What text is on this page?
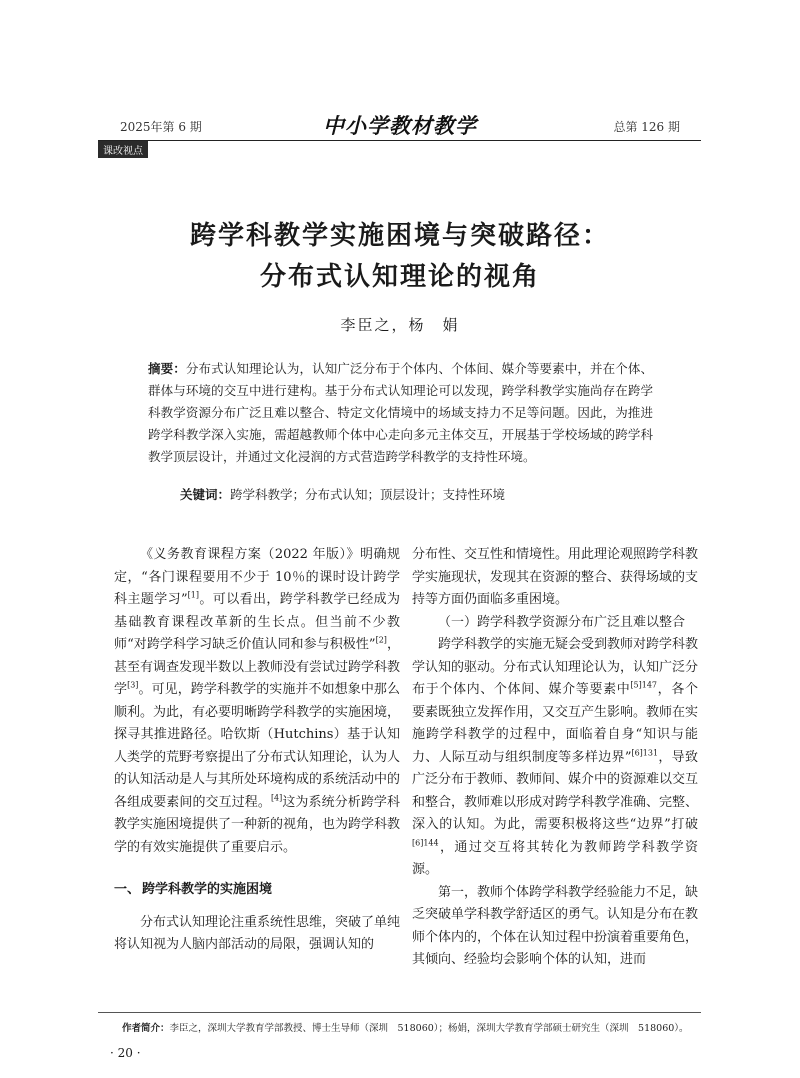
2025年第 6 期	中小学教材教学	总第 126 期
课改视点
跨学科教学实施困境与突破路径：
分布式认知理论的视角
李臣之，杨　娟
摘要：分布式认知理论认为，认知广泛分布于个体内、个体间、媒介等要素中，并在个体、群体与环境的交互中进行建构。基于分布式认知理论可以发现，跨学科教学实施尚存在跨学科教学资源分布广泛且难以整合、特定文化情境中的场域支持力不足等问题。因此，为推进跨学科教学深入实施，需超越教师个体中心走向多元主体交互，开展基于学校场域的跨学科教学顶层设计，并通过文化浸润的方式营造跨学科教学的支持性环境。
关键词：跨学科教学；分布式认知；顶层设计；支持性环境

《义务教育课程方案（2022 年版）》明确规定，“各门课程要用不少于 10％的课时设计跨学科主题学习”[1]。可以看出，跨学科教学已经成为基础教育课程改革新的生长点。但当前不少教师“对跨学科学习缺乏价值认同和参与积极性”[2]，甚至有调查发现半数以上教师没有尝试过跨学科教学[3]。可见，跨学科教学的实施并不如想象中那么顺利。为此，有必要明晰跨学科教学的实施困境，探寻其推进路径。哈钦斯（Hutchins）基于认知人类学的荒野考察提出了分布式认知理论，认为人的认知活动是人与其所处环境构成的系统活动中的各组成要素间的交互过程。[4]这为系统分析跨学科教学实施困境提供了一种新的视角，也为跨学科教学的有效实施提供了重要启示。

一、 跨学科教学的实施困境

分布式认知理论注重系统性思维，突破了单纯将认知视为人脑内部活动的局限，强调认知的

分布性、交互性和情境性。用此理论观照跨学科教学实施现状，发现其在资源的整合、获得场域的支持等方面仍面临多重困境。

（一）跨学科教学资源分布广泛且难以整合

跨学科教学的实施无疑会受到教师对跨学科教学认知的驱动。分布式认知理论认为，认知广泛分布于个体内、个体间、媒介等要素中$^{[5]147}$，各个要素既独立发挥作用，又交互产生影响。教师在实施跨学科教学的过程中，面临着自身“知识与能力、人际互动与组织制度等多样边界”$^{[6]131}$，导致广泛分布于教师、教师间、媒介中的资源难以交互和整合，教师难以形成对跨学科教学准确、完整、深入的认知。为此，需要积极将这些“边界”打破$^{[6]144}$，通过交互将其转化为教师跨学科教学资源。

第一，教师个体跨学科教学经验能力不足，缺乏突破单学科教学舒适区的勇气。认知是分布在教师个体内的，个体在认知过程中扮演着重要角色，其倾向、经验均会影响个体的认知，进而

作者简介：李臣之，深圳大学教育学部教授、博士生导师（深圳　518060）；杨娟，深圳大学教育学部硕士研究生（深圳　518060）。
· 20 ·
